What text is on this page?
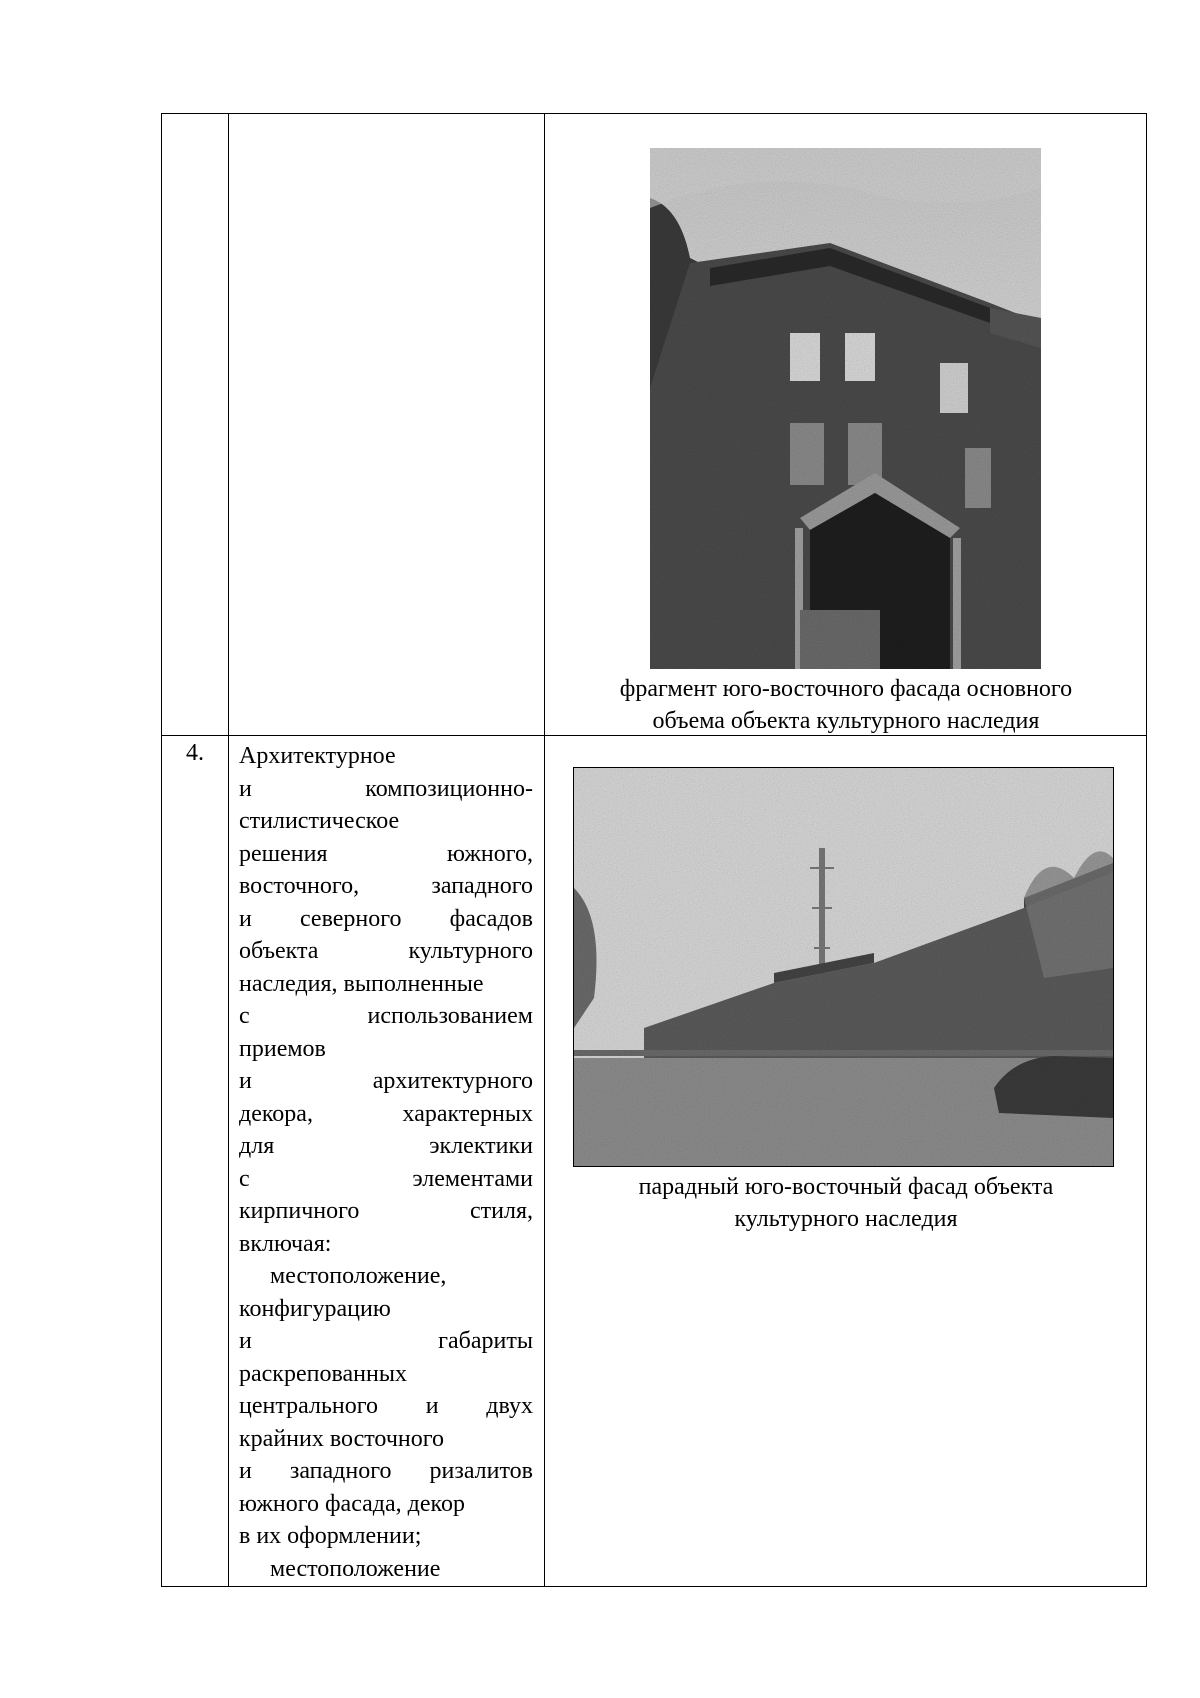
фрагмент юго-восточного фасада основного
объема объекта культурного наследия
4.	Архитектурное
и композиционно-
стилистическое
решения южного,
восточного, западного
и северного фасадов
объекта культурного
наследия, выполненные
с использованием
приемов
и архитектурного
декора, характерных
для эклектики
с элементами
кирпичного стиля,
включая:
местоположение,
конфигурацию
и габариты
раскрепованных
центрального и двух
крайних восточного
и западного ризалитов
южного фасада, декор
в их оформлении;
местоположение
парадный юго-восточный фасад объекта
культурного наследия
